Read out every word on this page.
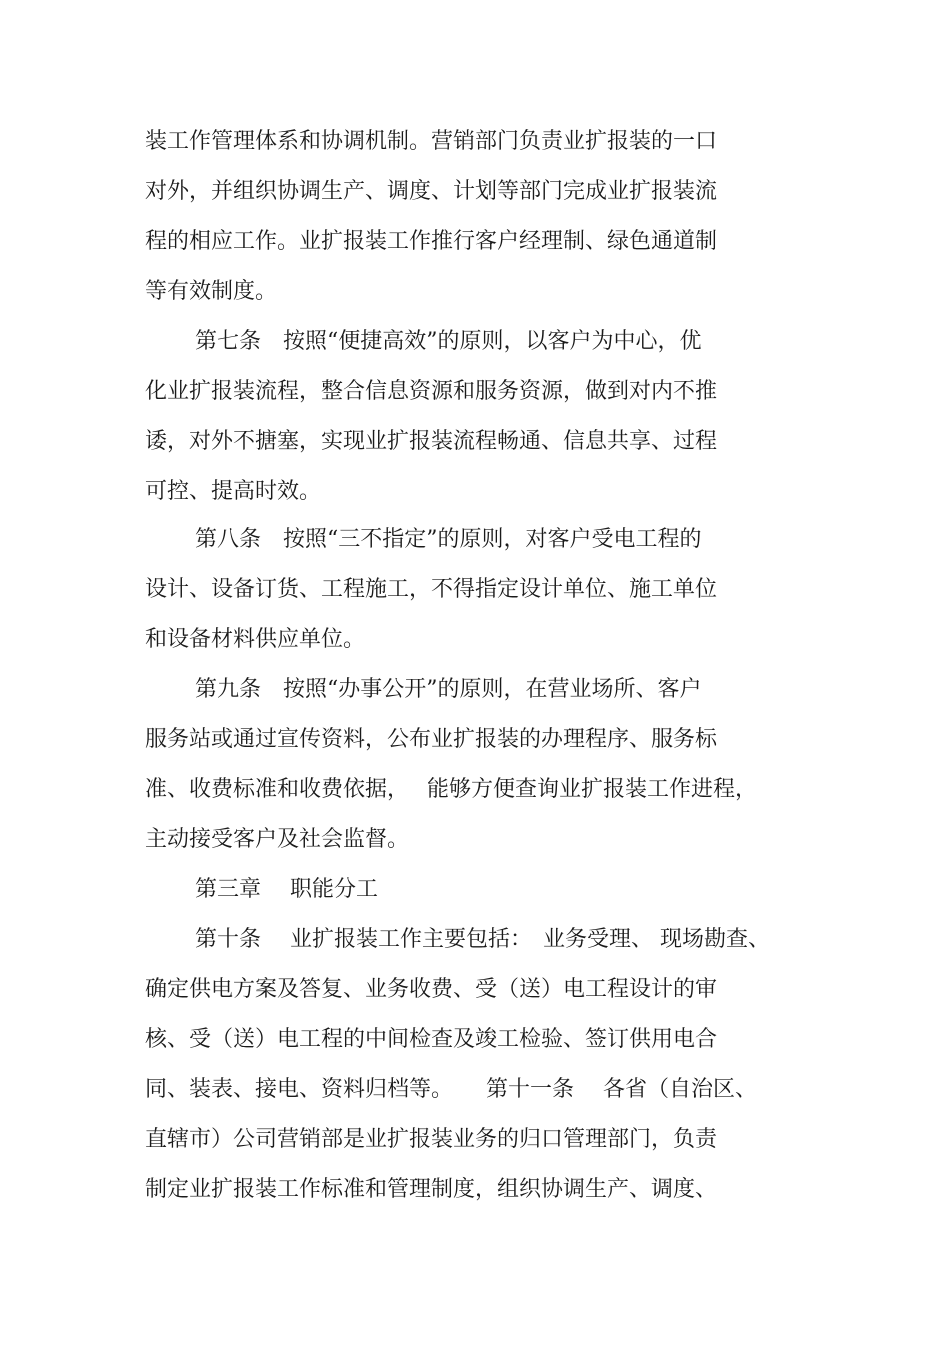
装工作管理体系和协调机制。营销部门负责业扩报装的一口

对外，并组织协调生产、调度、计划等部门完成业扩报装流

程的相应工作。业扩报装工作推行客户经理制、绿色通道制

等有效制度。

第七条　按照“便捷高效”的原则，以客户为中心，优

化业扩报装流程，整合信息资源和服务资源，做到对内不推

诿，对外不搪塞，实现业扩报装流程畅通、信息共享、过程

可控、提高时效。

第八条　按照“三不指定”的原则，对客户受电工程的

设计、设备订货、工程施工，不得指定设计单位、施工单位

和设备材料供应单位。

第九条　按照“办事公开”的原则，在营业场所、客户

服务站或通过宣传资料，公布业扩报装的办理程序、服务标

准、收费标准和收费依据，　 能够方便查询业扩报装工作进程，

主动接受客户及社会监督。

第三章　 职能分工

第十条　 业扩报装工作主要包括：　业务受理、 现场勘查、

确定供电方案及答复、业务收费、受（送）电工程设计的审

核、受（送）电工程的中间检查及竣工检验、签订供用电合

同、装表、接电、资料归档等。　　第十一条　 各省（自治区、

直辖市）公司营销部是业扩报装业务的归口管理部门，负责

制定业扩报装工作标准和管理制度，组织协调生产、调度、
